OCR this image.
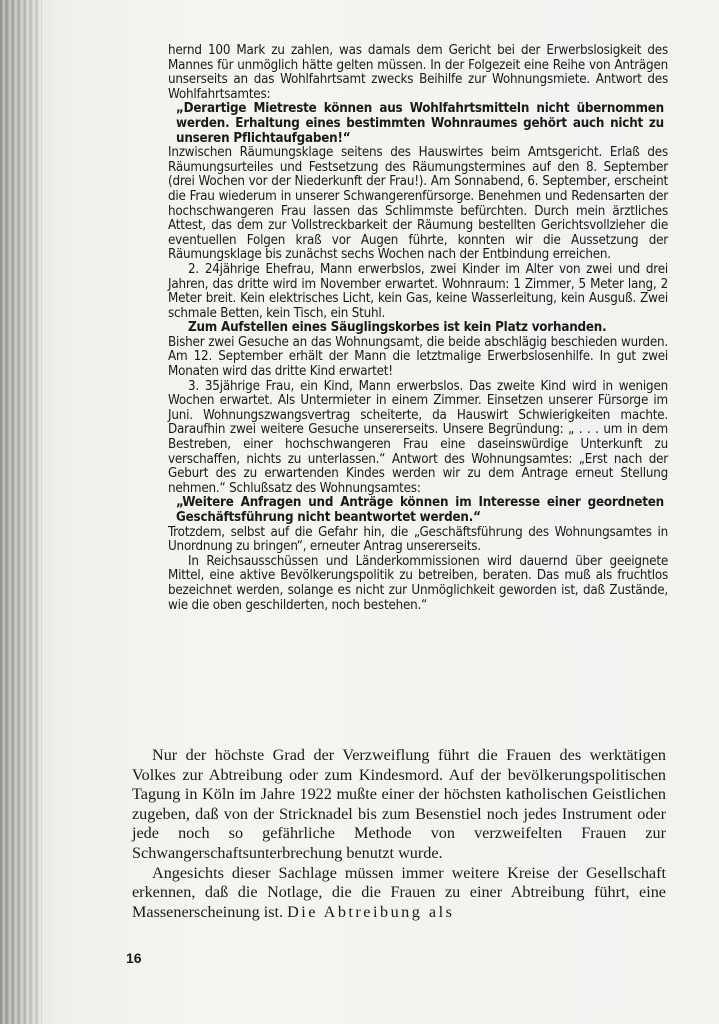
hernd 100 Mark zu zahlen, was damals dem Gericht bei der Erwerbslosigkeit des Mannes für unmöglich hätte gelten müssen. In der Folgezeit eine Reihe von Anträgen unserseits an das Wohlfahrtsamt zwecks Beihilfe zur Wohnungsmiete. Antwort des Wohlfahrtsamtes:

„Derartige Mietreste können aus Wohlfahrtsmitteln nicht übernommen werden. Erhaltung eines bestimmten Wohnraumes gehört auch nicht zu unseren Pflichtaufgaben!“

Inzwischen Räumungsklage seitens des Hauswirtes beim Amtsgericht. Erlaß des Räumungsurteiles und Festsetzung des Räumungstermines auf den 8. September (drei Wochen vor der Niederkunft der Frau!). Am Sonnabend, 6. September, erscheint die Frau wiederum in unserer Schwangerenfürsorge. Benehmen und Redensarten der hochschwangeren Frau lassen das Schlimmste befürchten. Durch mein ärztliches Attest, das dem zur Vollstreckbarkeit der Räumung bestellten Gerichtsvollzieher die eventuellen Folgen kraß vor Augen führte, konnten wir die Aussetzung der Räumungsklage bis zunächst sechs Wochen nach der Entbindung erreichen.

2. 24jährige Ehefrau, Mann erwerbslos, zwei Kinder im Alter von zwei und drei Jahren, das dritte wird im November erwartet. Wohnraum: 1 Zimmer, 5 Meter lang, 2 Meter breit. Kein elektrisches Licht, kein Gas, keine Wasserleitung, kein Ausguß. Zwei schmale Betten, kein Tisch, ein Stuhl.

Zum Aufstellen eines Säuglingskorbes ist kein Platz vorhanden.

Bisher zwei Gesuche an das Wohnungsamt, die beide abschlägig beschieden wurden. Am 12. September erhält der Mann die letztmalige Erwerbslosenhilfe. In gut zwei Monaten wird das dritte Kind erwartet!

3. 35jährige Frau, ein Kind, Mann erwerbslos. Das zweite Kind wird in wenigen Wochen erwartet. Als Untermieter in einem Zimmer. Einsetzen unserer Fürsorge im Juni. Wohnungszwangsvertrag scheiterte, da Hauswirt Schwierigkeiten machte. Daraufhin zwei weitere Gesuche unsererseits. Unsere Begründung: „ . . . um in dem Bestreben, einer hochschwangeren Frau eine daseinswürdige Unterkunft zu verschaffen, nichts zu unterlassen.“ Antwort des Wohnungsamtes: „Erst nach der Geburt des zu erwartenden Kindes werden wir zu dem Antrage erneut Stellung nehmen.“ Schlußsatz des Wohnungsamtes:

„Weitere Anfragen und Anträge können im Interesse einer geordneten Geschäftsführung nicht beantwortet werden.“

Trotzdem, selbst auf die Gefahr hin, die „Geschäftsführung des Wohnungsamtes in Unordnung zu bringen“, erneuter Antrag unsererseits.

In Reichsausschüssen und Länderkommissionen wird dauernd über geeignete Mittel, eine aktive Bevölkerungspolitik zu betreiben, beraten. Das muß als fruchtlos bezeichnet werden, solange es nicht zur Unmöglichkeit geworden ist, daß Zustände, wie die oben geschilderten, noch bestehen.“

Nur der höchste Grad der Verzweiflung führt die Frauen des werktätigen Volkes zur Abtreibung oder zum Kindesmord. Auf der bevölkerungspolitischen Tagung in Köln im Jahre 1922 mußte einer der höchsten katholischen Geistlichen zugeben, daß von der Stricknadel bis zum Besenstiel noch jedes Instrument oder jede noch so gefährliche Methode von verzweifelten Frauen zur Schwangerschaftsunterbrechung benutzt wurde.

Angesichts dieser Sachlage müssen immer weitere Kreise der Gesellschaft erkennen, daß die Notlage, die die Frauen zu einer Abtreibung führt, eine Massenerscheinung ist. Die Abtreibung als

16
